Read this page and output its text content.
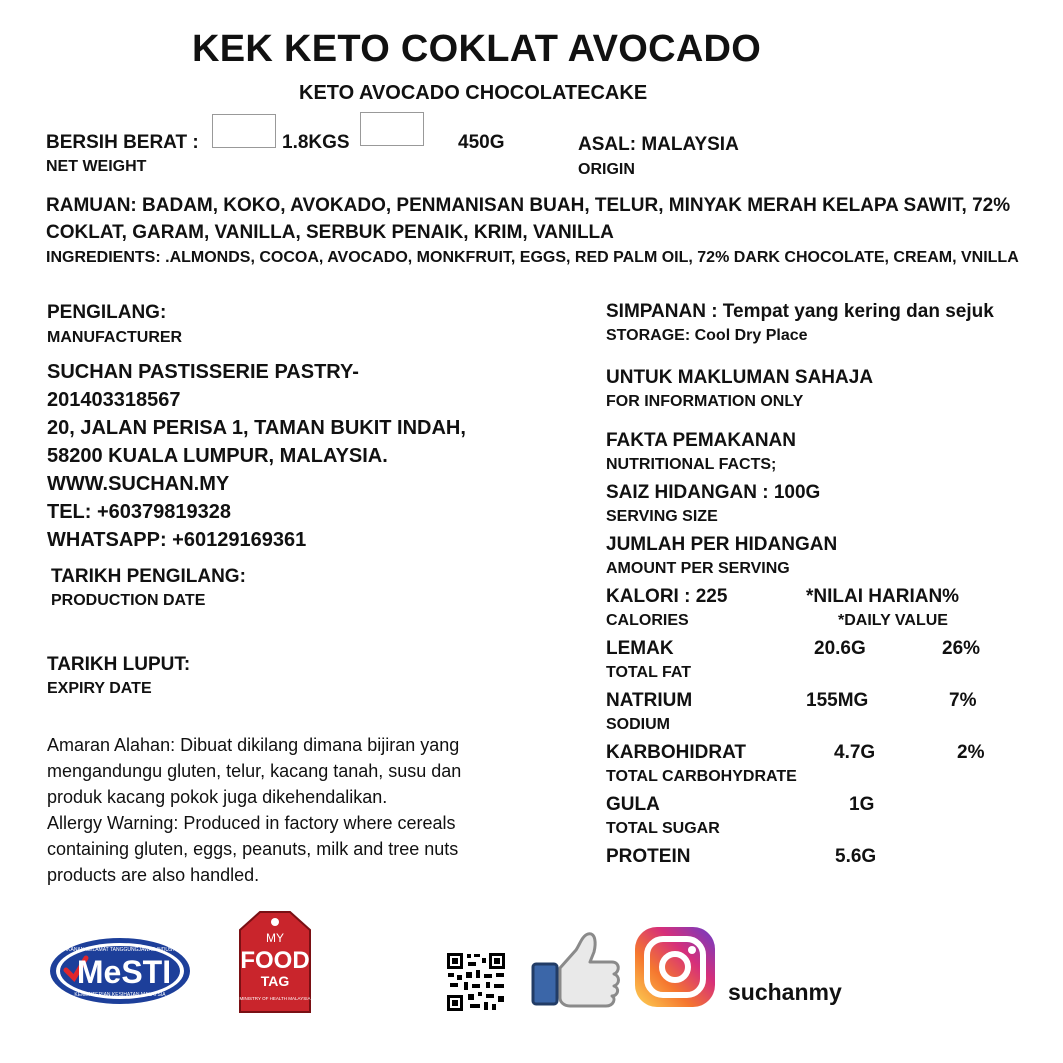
KEK KETO COKLAT AVOCADO
KETO AVOCADO CHOCOLATECAKE
BERSIH BERAT :
NET WEIGHT
1.8KGS	450G	ASAL: MALAYSIA
ORIGIN
RAMUAN: BADAM, KOKO, AVOKADO, PENMANISAN BUAH, TELUR, MINYAK MERAH KELAPA SAWIT, 72% COKLAT, GARAM, VANILLA, SERBUK PENAIK, KRIM, VANILLA
INGREDIENTS: .ALMONDS, COCOA, AVOCADO, MONKFRUIT, EGGS, RED PALM OIL, 72% DARK CHOCOLATE, CREAM, VNILLA
PENGILANG:
MANUFACTURER
SUCHAN PASTISSERIE PASTRY-
201403318567
20, JALAN PERISA 1, TAMAN BUKIT INDAH,
58200 KUALA LUMPUR, MALAYSIA.
WWW.SUCHAN.MY
TEL: +60379819328
WHATSAPP: +60129169361
TARIKH PENGILANG:
PRODUCTION DATE
TARIKH LUPUT:
EXPIRY DATE
Amaran Alahan: Dibuat dikilang dimana bijiran yang mengandungu gluten, telur, kacang tanah, susu dan produk kacang pokok juga dikehendalikan.
Allergy Warning: Produced in factory where cereals containing gluten, eggs, peanuts, milk and tree nuts products are also handled.
SIMPANAN : Tempat yang kering dan sejuk
STORAGE: Cool Dry Place
UNTUK MAKLUMAN SAHAJA
FOR INFORMATION ONLY
FAKTA PEMAKANAN
NUTRITIONAL FACTS;
SAIZ HIDANGAN : 100G
SERVING SIZE
JUMLAH PER HIDANGAN
AMOUNT PER SERVING
KALORI : 225
CALORIES
*NILAI HARIAN%
*DAILY VALUE
LEMAK
TOTAL FAT
20.6G	26%
NATRIUM
SODIUM
155MG	7%
KARBOHIDRAT
TOTAL CARBOHYDRATE
4.7G	2%
GULA
TOTAL SUGAR
1G
PROTEIN	5.6G
MeSTI
MAKANAN SELAMAT TANGGUNGJAWAB INDUSTRI
KEMENTERIAN KESIHATAN MALAYSIA
MY
FOOD
TAG
MINISTRY OF HEALTH MALAYSIA	suchanmy
